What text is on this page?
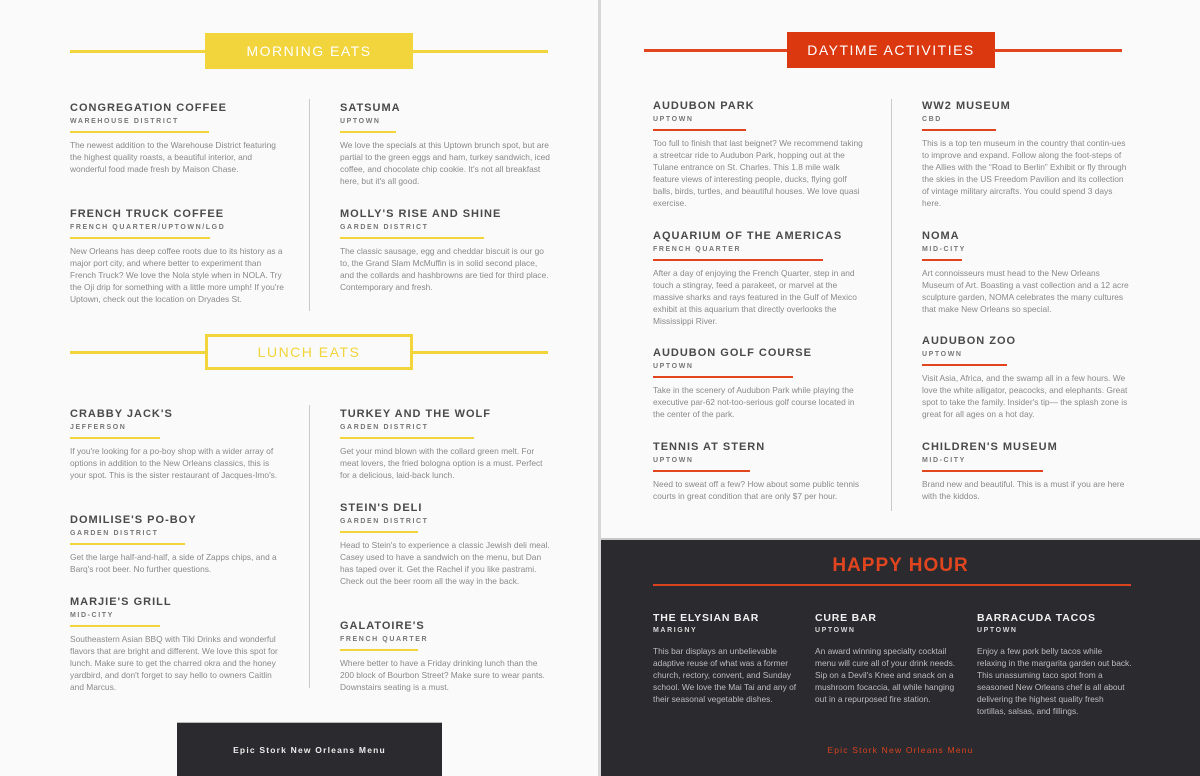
MORNING EATS
CONGREGATION COFFEE
WAREHOUSE DISTRICT
The newest addition to the Warehouse District featuring the highest quality roasts, a beautiful interior, and wonderful food made fresh by Maison Chase.
FRENCH TRUCK COFFEE
FRENCH QUARTER/UPTOWN/LGD
New Orleans has deep coffee roots due to its history as a major port city, and where better to experiment than French Truck? We love the Nola style when in NOLA. Try the Oji drip for something with a little more umph! If you're Uptown, check out the location on Dryades St.
SATSUMA
UPTOWN
We love the specials at this Uptown brunch spot, but are partial to the green eggs and ham, turkey sandwich, iced coffee, and chocolate chip cookie. It's not all breakfast here, but it's all good.
MOLLY'S RISE AND SHINE
GARDEN DISTRICT
The classic sausage, egg and cheddar biscuit is our go to, the Grand Slam McMuffin is in solid second place, and the collards and hashbrowns are tied for third place. Contemporary and fresh.
LUNCH EATS
CRABBY JACK'S
JEFFERSON
If you're looking for a po-boy shop with a wider array of options in addition to the New Orleans classics, this is your spot. This is the sister restaurant of Jacques-Imo's.
DOMILISE'S PO-BOY
GARDEN DISTRICT
Get the large half-and-half, a side of Zapps chips, and a Barq's root beer. No further questions.
MARJIE'S GRILL
MID-CITY
Southeastern Asian BBQ with Tiki Drinks and wonderful flavors that are bright and different. We love this spot for lunch. Make sure to get the charred okra and the honey yardbird, and don't forget to say hello to owners Caitlin and Marcus.
TURKEY AND THE WOLF
GARDEN DISTRICT
Get your mind blown with the collard green melt. For meat lovers, the fried bologna option is a must. Perfect for a delicious, laid-back lunch.
STEIN'S DELI
GARDEN DISTRICT
Head to Stein's to experience a classic Jewish deli meal. Casey used to have a sandwich on the menu, but Dan has taped over it. Get the Rachel if you like pastrami. Check out the beer room all the way in the back.
GALATOIRE'S
FRENCH QUARTER
Where better to have a Friday drinking lunch than the 200 block of Bourbon Street? Make sure to wear pants. Downstairs seating is a must.
Epic Stork New Orleans Menu
DAYTIME ACTIVITIES
AUDUBON PARK
UPTOWN
Too full to finish that last beignet? We recommend taking a streetcar ride to Audubon Park, hopping out at the Tulane entrance on St. Charles. This 1.8 mile walk feature views of interesting people, ducks, flying golf balls, birds, turtles, and beautiful houses. We love quasi exercise.
AQUARIUM OF THE AMERICAS
FRENCH QUARTER
After a day of enjoying the French Quarter, step in and touch a stingray, feed a parakeet, or marvel at the massive sharks and rays featured in the Gulf of Mexico exhibit at this aquarium that directly overlooks the Mississippi River.
AUDUBON GOLF COURSE
UPTOWN
Take in the scenery of Audubon Park while playing the executive par-62 not-too-serious golf course located in the center of the park.
TENNIS AT STERN
UPTOWN
Need to sweat off a few? How about some public tennis courts in great condition that are only $7 per hour.
WW2 MUSEUM
CBD
This is a top ten museum in the country that contin-ues to improve and expand. Follow along the foot-steps of the Allies with the “Road to Berlin” Exhibit or fly through the skies in the US Freedom Pavilion and its collection of vintage military aircrafts. You could spend 3 days here.
NOMA
MID-CITY
Art connoisseurs must head to the New Orleans Museum of Art. Boasting a vast collection and a 12 acre sculpture garden, NOMA celebrates the many cultures that make New Orleans so special.
AUDUBON ZOO
UPTOWN
Visit Asia, Africa, and the swamp all in a few hours. We love the white alligator, peacocks, and elephants. Great spot to take the family. Insider's tip— the splash zone is great for all ages on a hot day.
CHILDREN'S MUSEUM
MID-CITY
Brand new and beautiful. This is a must if you are here with the kiddos.
HAPPY HOUR
THE ELYSIAN BAR
MARIGNY
This bar displays an unbelievable adaptive reuse of what was a former church, rectory, convent, and Sunday school. We love the Mai Tai and any of their seasonal vegetable dishes.
CURE BAR
UPTOWN
An award winning specialty cocktail menu will cure all of your drink needs. Sip on a Devil's Knee and snack on a mushroom focaccia, all while hanging out in a repurposed fire station.
BARRACUDA TACOS
UPTOWN
Enjoy a few pork belly tacos while relaxing in the margarita garden out back. This unassuming taco spot from a seasoned New Orleans chef is all about delivering the highest quality fresh tortillas, salsas, and fillings.
Epic Stork New Orleans Menu
